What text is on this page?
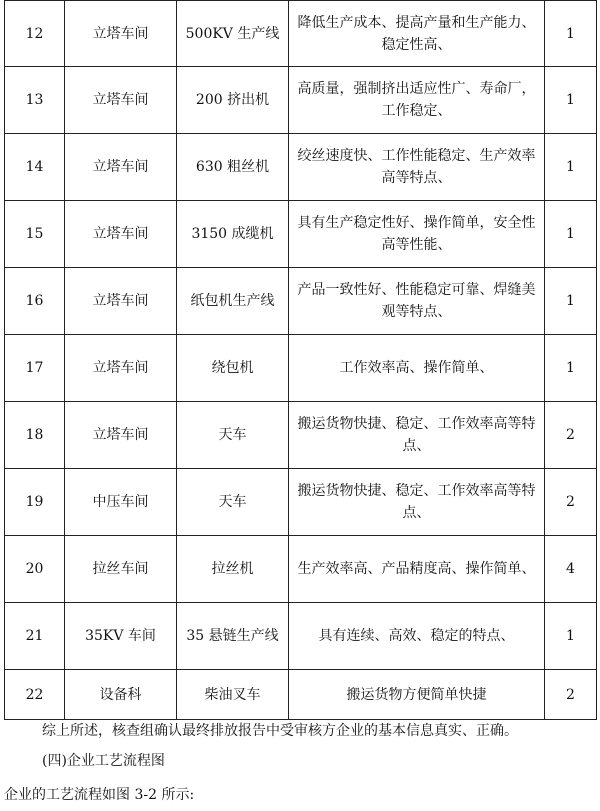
12	立塔车间	500KV 生产线	降低生产成本、提高产量和生产能力、稳定性高、	1
13	立塔车间	200 挤出机	高质量，强制挤出适应性广、寿命厂，工作稳定、	1
14	立塔车间	630 粗丝机	绞丝速度快、工作性能稳定、生产效率高等特点、	1
15	立塔车间	3150 成缆机	具有生产稳定性好、操作简单，安全性高等性能、	1
16	立塔车间	纸包机生产线	产品一致性好、性能稳定可靠、焊缝美观等特点、	1
17	立塔车间	绕包机	工作效率高、操作简单、	1
18	立塔车间	天车	搬运货物快捷、稳定、工作效率高等特点、	2
19	中压车间	天车	搬运货物快捷、稳定、工作效率高等特点、	2
20	拉丝车间	拉丝机	生产效率高、产品精度高、操作简单、	4
21	35KV 车间	35 悬链生产线	具有连续、高效、稳定的特点、	1
22	设备科	柴油叉车	搬运货物方便简单快捷	2
综上所述，核查组确认最终排放报告中受审核方企业的基本信息真实、正确。
(四)企业工艺流程图
企业的工艺流程如图 3-2 所示:
